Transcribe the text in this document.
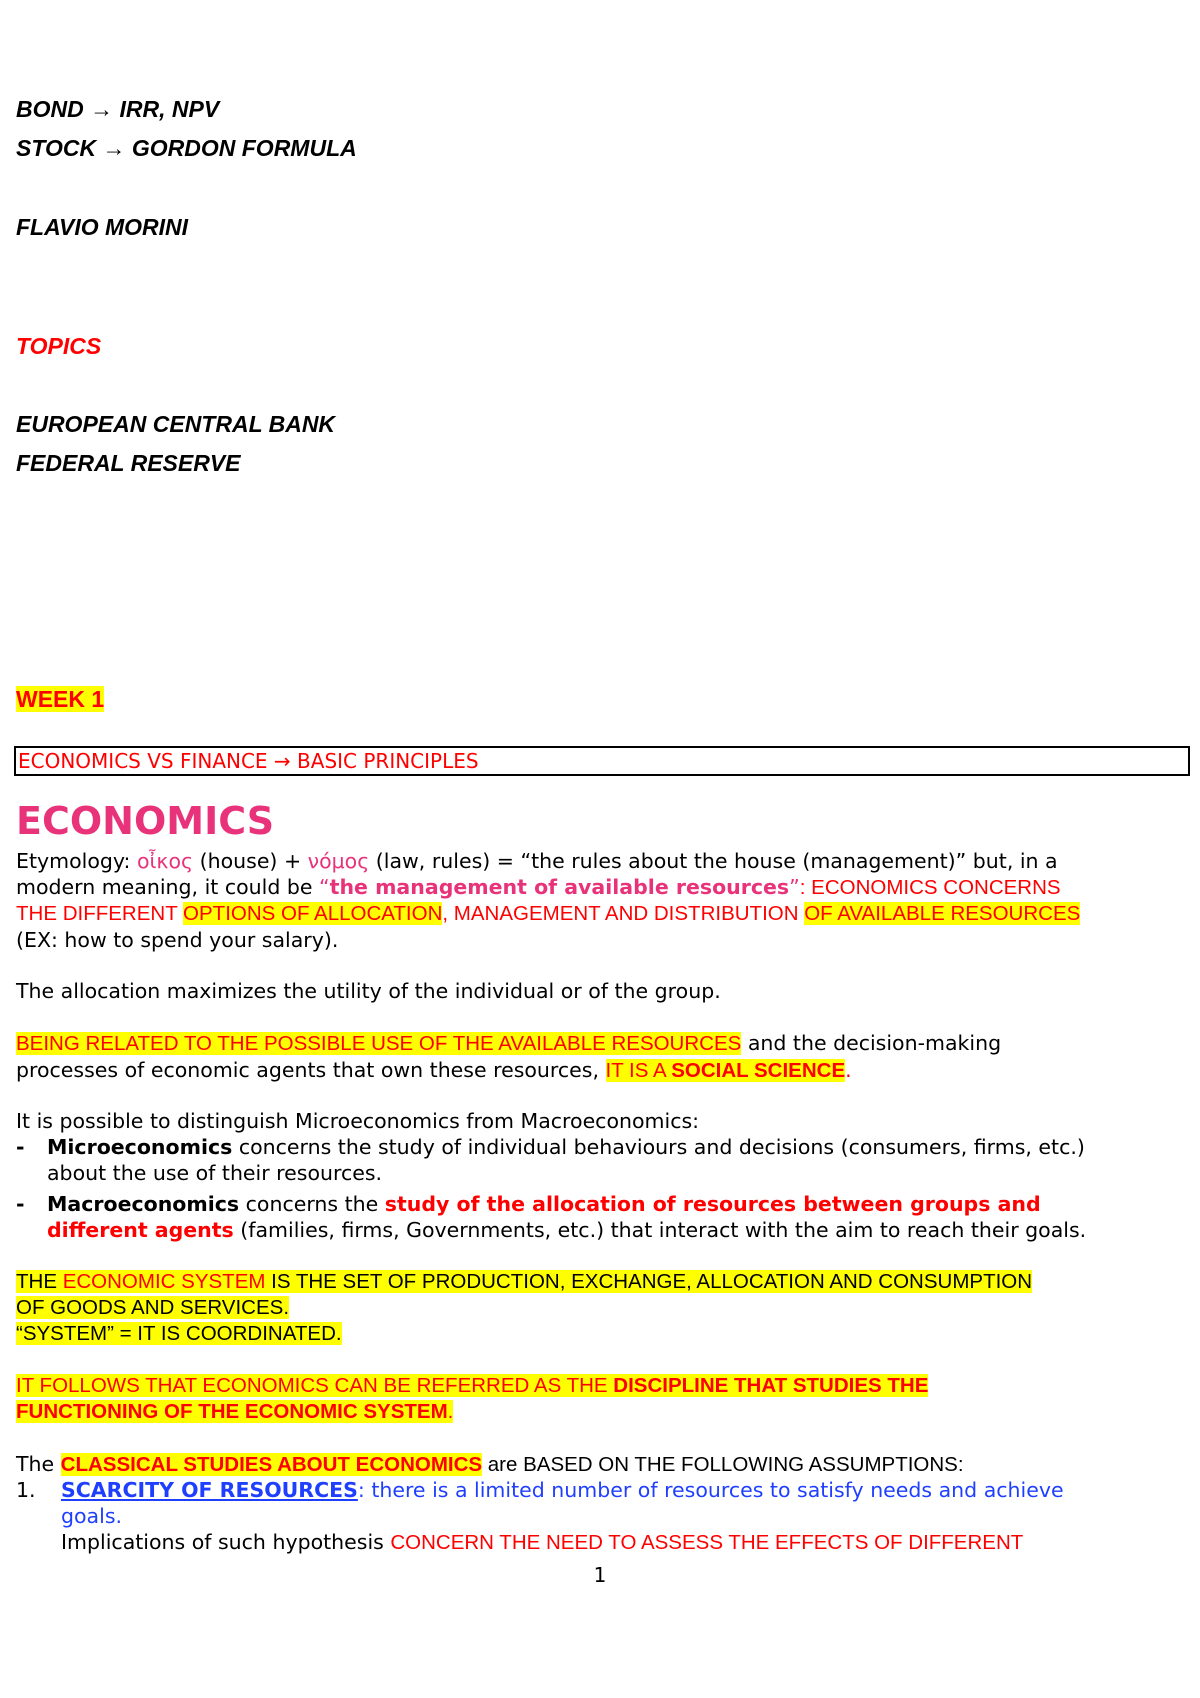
BOND → IRR, NPV
STOCK → GORDON FORMULA
FLAVIO MORINI
TOPICS
EUROPEAN CENTRAL BANK
FEDERAL RESERVE
WEEK 1
ECONOMICS VS FINANCE → BASIC PRINCIPLES
ECONOMICS
Etymology: οἶκος (house) + νόμος (law, rules) = “the rules about the house (management)” but, in a
modern meaning, it could be “the management of available resources”: ECONOMICS CONCERNS
THE DIFFERENT OPTIONS OF ALLOCATION, MANAGEMENT AND DISTRIBUTION OF AVAILABLE RESOURCES
(EX: how to spend your salary).
The allocation maximizes the utility of the individual or of the group.
BEING RELATED TO THE POSSIBLE USE OF THE AVAILABLE RESOURCES and the decision-making
processes of economic agents that own these resources, IT IS A SOCIAL SCIENCE.
It is possible to distinguish Microeconomics from Macroeconomics:
- Microeconomics concerns the study of individual behaviours and decisions (consumers, firms, etc.)
about the use of their resources.
- Macroeconomics concerns the study of the allocation of resources between groups and
different agents (families, firms, Governments, etc.) that interact with the aim to reach their goals.
THE ECONOMIC SYSTEM IS THE SET OF PRODUCTION, EXCHANGE, ALLOCATION AND CONSUMPTION
OF GOODS AND SERVICES.
“SYSTEM” = IT IS COORDINATED.
IT FOLLOWS THAT ECONOMICS CAN BE REFERRED AS THE DISCIPLINE THAT STUDIES THE
FUNCTIONING OF THE ECONOMIC SYSTEM.
The CLASSICAL STUDIES ABOUT ECONOMICS are BASED ON THE FOLLOWING ASSUMPTIONS:
1. SCARCITY OF RESOURCES: there is a limited number of resources to satisfy needs and achieve
goals.
Implications of such hypothesis CONCERN THE NEED TO ASSESS THE EFFECTS OF DIFFERENT
1
